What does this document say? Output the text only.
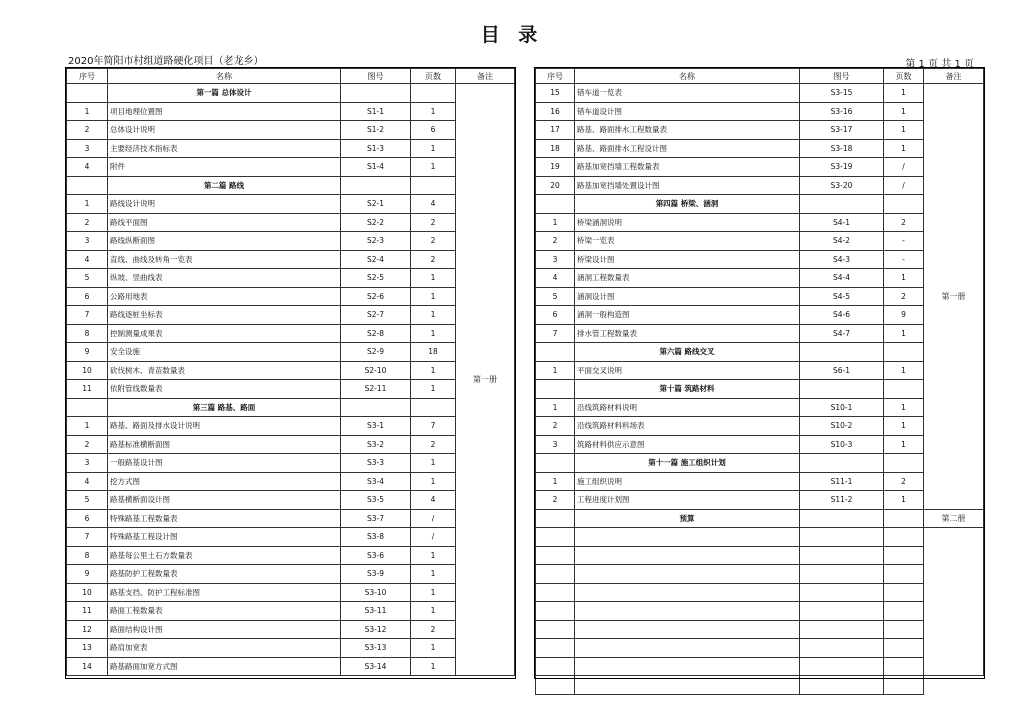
目 录
2020年简阳市村组道路硬化项目（老龙乡）	第 1 页 共 1 页
序号	名称	图号	页数	备注
	第一篇 总体设计			第一册
1	项目地理位置图	S1-1	1	
2	总体设计说明	S1-2	6	
3	主要经济技术指标表	S1-3	1	
4	附件	S1-4	1	
	第二篇 路线			
1	路线设计说明	S2-1	4	
2	路线平面图	S2-2	2	
3	路线纵断面图	S2-3	2	
4	直线、曲线及转角一览表	S2-4	2	
5	纵坡、竖曲线表	S2-5	1	
6	公路用地表	S2-6	1	
7	路线逐桩坐标表	S2-7	1	
8	控制测量成果表	S2-8	1	
9	安全设施	S2-9	18	
10	砍伐树木、青苗数量表	S2-10	1	
11	依附管线数量表	S2-11	1	
	第三篇 路基、路面			
1	路基、路面及排水设计说明	S3-1	7	
2	路基标准横断面图	S3-2	2	
3	一般路基设计图	S3-3	1	
4	挖方式图	S3-4	1	
5	路基横断面设计图	S3-5	4	
6	特殊路基工程数量表	S3-7	/	
7	特殊路基工程设计图	S3-8	/	
8	路基每公里土石方数量表	S3-6	1	
9	路基防护工程数量表	S3-9	1	
10	路基支挡、防护工程标准图	S3-10	1	
11	路面工程数量表	S3-11	1	
12	路面结构设计图	S3-12	2	
13	路肩加宽表	S3-13	1	
14	路基路面加宽方式图	S3-14	1	
序号	名称	图号	页数	备注
15	错车道一览表	S3-15	1	第一册
16	错车道设计图	S3-16	1	
17	路基、路面排水工程数量表	S3-17	1	
18	路基、路面排水工程设计图	S3-18	1	
19	路基加宽挡墙工程数量表	S3-19	/	
20	路基加宽挡墙处置设计图	S3-20	/	
	第四篇 桥梁、涵洞			
1	桥梁涵洞说明	S4-1	2	
2	桥梁一览表	S4-2	-	
3	桥梁设计图	S4-3	-	
4	涵洞工程数量表	S4-4	1	
5	涵洞设计图	S4-5	2	
6	涵洞一般构造图	S4-6	9	
7	排水管工程数量表	S4-7	1	
	第六篇 路线交叉			
1	平面交叉说明	S6-1	1	
	第十篇 筑路材料			
1	沿线筑路材料说明	S10-1	1	
2	沿线筑路材料料场表	S10-2	1	
3	筑路材料供应示意图	S10-3	1	
	第十一篇 施工组织计划			
1	施工组织说明	S11-1	2	
2	工程进度计划图	S11-2	1	
	预算			第二册
